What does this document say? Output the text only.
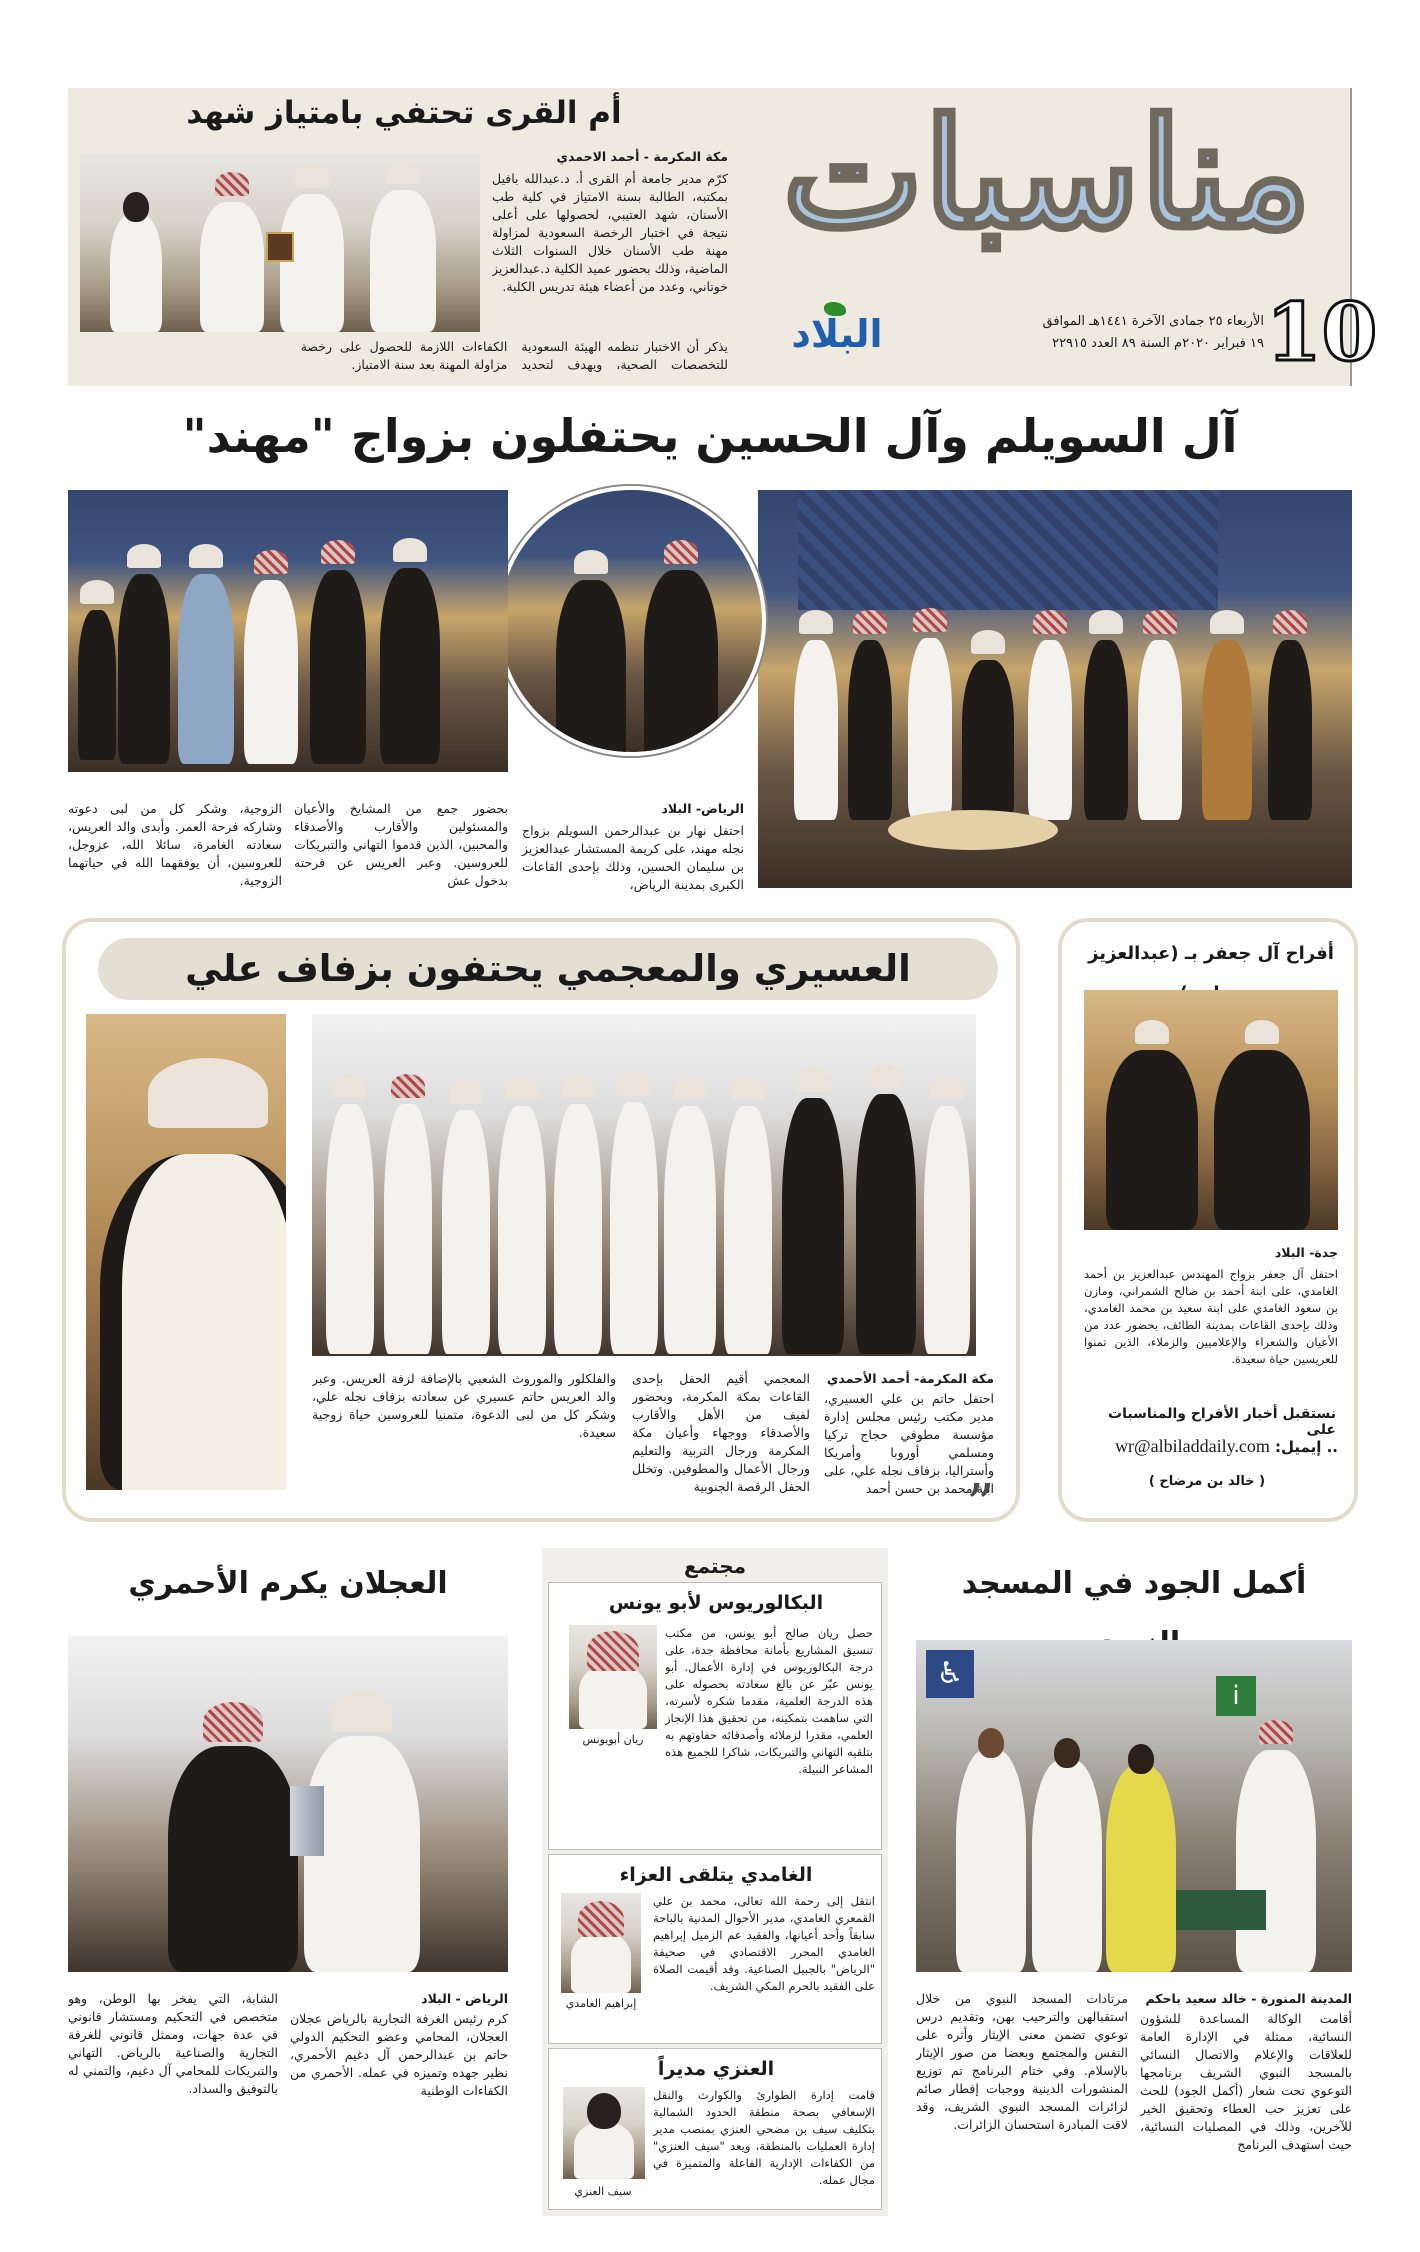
مناسبات
10
الأربعاء ٢٥ جمادى الآخرة ١٤٤١هـ الموافق
١٩ فبراير ٢٠٢٠م السنة ٨٩ العدد ٢٢٩١٥
البلاد
أم القرى تحتفي بامتياز شهد
مكة المكرمة - أحمد الاحمدي
كرّم مدير جامعة أم القرى أ. د.عبدالله بافيل بمكتبه، الطالبة بسنة الامتياز في كلية طب الأسنان، شهد العتيبي، لحصولها على أعلى نتيجة في اختبار الرخصة السعودية لمزاولة مهنة طب الأسنان خلال السنوات الثلاث الماضية، وذلك بحضور عميد الكلية د.عبدالعزيز خوتاني، وعدد من أعضاء هيئة تدريس الكلية.
يذكر أن الاختبار تنظمه الهيئة السعودية للتخصصات الصحية، ويهدف لتحديد الكفاءات اللازمة للحصول على رخصة مزاولة المهنة بعد سنة الامتياز.
آل السويلم وآل الحسين يحتفلون بزواج "مهند"
الرياض- البلاد
احتفل نهار بن عبدالرحمن السويلم بزواج نجله مهند، على كريمة المستشار عبدالعزيز بن سليمان الحسين، وذلك بإحدى القاعات الكبرى بمدينة الرياض،
بحضور جمع من المشايخ والأعيان والمسئولين والأقارب والأصدقاء والمحبين، الذين قدموا التهاني والتبريكات للعروسين. وعبر العريس عن فرحته بدخول عش
الزوجية، وشكر كل من لبى دعوته وشاركه فرحة العمر. وأبدى والد العريس، سعادته الغامرة، سائلا الله، عزوجل، للعروسين، أن يوفقهما الله في حياتهما الزوجية.
العسيري والمعجمي يحتفون بزفاف علي
مكة المكرمة- أحمد الأحمدي
احتفل حاتم بن علي العسيري، مدير مكتب رئيس مجلس إدارة مؤسسة مطوفي حجاج تركيا ومسلمي أوروبا وأمريكا وأستراليا، بزفاف نجله علي، على ابنة محمد بن حسن أحمد
”
المعجمي أقيم الحفل بإحدى القاعات بمكة المكرمة، وبحضور لفيف من الأهل والأقارب والأصدقاء ووجهاء وأعيان مكة المكرمة ورجال التربية والتعليم ورجال الأعمال والمطوفين. وتخلل الحفل الرقصة الجنوبية
والفلكلور والموروث الشعبي بالإضافة لزفة العريس. وعبر والد العريس حاتم عسيري عن سعادته بزفاف نجله علي، وشكر كل من لبى الدعوة، متمنيا للعروسين حياة زوجية سعيدة.
أفراح آل جعفر بـ (عبدالعزيز
جدة- البلاد
احتفل آل جعفر بزواج المهندس عبدالعزيز بن أحمد الغامدي، على ابنة أحمد بن صالح الشمراني، ومازن بن سعود الغامدي على ابنة سعيد بن محمد الغامدي، وذلك بإحدى القاعات بمدينة الطائف، بحضور عدد من الأعيان والشعراء والإعلاميين والزملاء، الذين تمنوا للعريسين حياة سعيدة.
نستقبل أخبار الأفراح والمناسبات على
.. إيميل: wr@albiladdaily.com
( خالد بن مرضاح )
العجلان يكرم الأحمري
الرياض - البلاد
كرم رئيس الغرفة التجارية بالرياض عجلان العجلان، المحامي وعضو التحكيم الدولي حاتم بن عبدالرحمن آل دغيم الأحمري، نظير جهده وتميزه في عمله. الأحمري من الكفاءات الوطنية
الشابة، التي يفخر بها الوطن، وهو متخصص في التحكيم ومستشار قانوني في عدة جهات، وممثل قانوني للغرفة التجارية والصناعية بالرياض. التهاني والتبريكات للمحامي آل دغيم، والتمني له بالتوفيق والسداد.
مجتمع
البكالوريوس لأبو يونس
ريان أبويونس
حصل ريان صالح أبو يونس، من مكتب تنسيق المشاريع بأمانة محافظة جدة، على درجة البكالوريوس في إدارة الأعمال. أبو يونس عبّر عن بالغ سعادته بحصوله على هذه الدرجة العلمية، مقدما شكره لأسرته، التي ساهمت بتمكينه، من تحقيق هذا الإنجاز العلمي، مقدرا لزملائه وأصدقائه حفاوتهم به بتلقيه التهاني والتبريكات، شاكرا للجميع هذه المشاعر النبيلة.
الغامدي يتلقى العزاء
إبراهيم الغامدي
انتقل إلى رحمة الله تعالى، محمد بن علي القمعري الغامدي، مدير الأحوال المدنية بالباحة سابقاً وأحد أعيانها، والفقيد عم الزميل إبراهيم الغامدي المحرر الاقتصادي في صحيفة "الرياض" بالجبيل الصناعية. وقد أقيمت الصلاة على الفقيد بالحرم المكي الشريف.
العنزي مديراً
سيف العنزي
قامت إدارة الطوارئ والكوارث والنقل الإسعافي بصحة منطقة الحدود الشمالية بتكليف سيف بن مضحي العنزي بمنصب مدير إدارة العمليات بالمنطقة، ويعد "سيف العنزي" من الكفاءات الإدارية الفاعلة والمتميزة في مجال عمله.
أكمل الجود في المسجد
♿
i
المدينة المنورة - خالد سعيد باحكم
أقامت الوكالة المساعدة للشؤون النسائية، ممثلة في الإدارة العامة للعلاقات والإعلام والاتصال النسائي بالمسجد النبوي الشريف برنامجها التوعوي تحت شعار (أكمل الجود) للحث على تعزيز حب العطاء وتحقيق الخير للآخرين، وذلك في المصليات النسائية، حيث استهدف البرنامج
مرتادات المسجد النبوي من خلال استقبالهن والترحيب بهن، وتقديم درس توعوي تضمن معنى الإيثار وأثره على النفس والمجتمع وبعضا من صور الإيثار بالإسلام. وفي ختام البرنامج تم توزيع المنشورات الدينية ووجبات إفطار صائم لزائرات المسجد النبوي الشريف، وقد لاقت المبادرة استحسان الزائرات.
